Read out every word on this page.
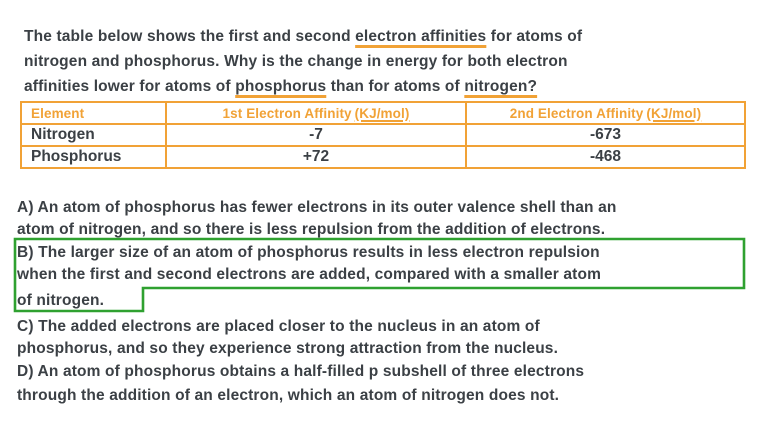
The table below shows the first and second electron affinities for atoms of
nitrogen and phosphorus. Why is the change in energy for both electron
affinities lower for atoms of phosphorus than for atoms of nitrogen?
Element	1st Electron Affinity (KJ/mol)	2nd Electron Affinity (KJ/mol)
Nitrogen	-7	-673
Phosphorus	+72	-468
A) An atom of phosphorus has fewer electrons in its outer valence shell than an
atom of nitrogen, and so there is less repulsion from the addition of electrons.
B) The larger size of an atom of phosphorus results in less electron repulsion
when the first and second electrons are added, compared with a smaller atom
of nitrogen.
C) The added electrons are placed closer to the nucleus in an atom of
phosphorus, and so they experience strong attraction from the nucleus.
D) An atom of phosphorus obtains a half-filled p subshell of three electrons
through the addition of an electron, which an atom of nitrogen does not.
